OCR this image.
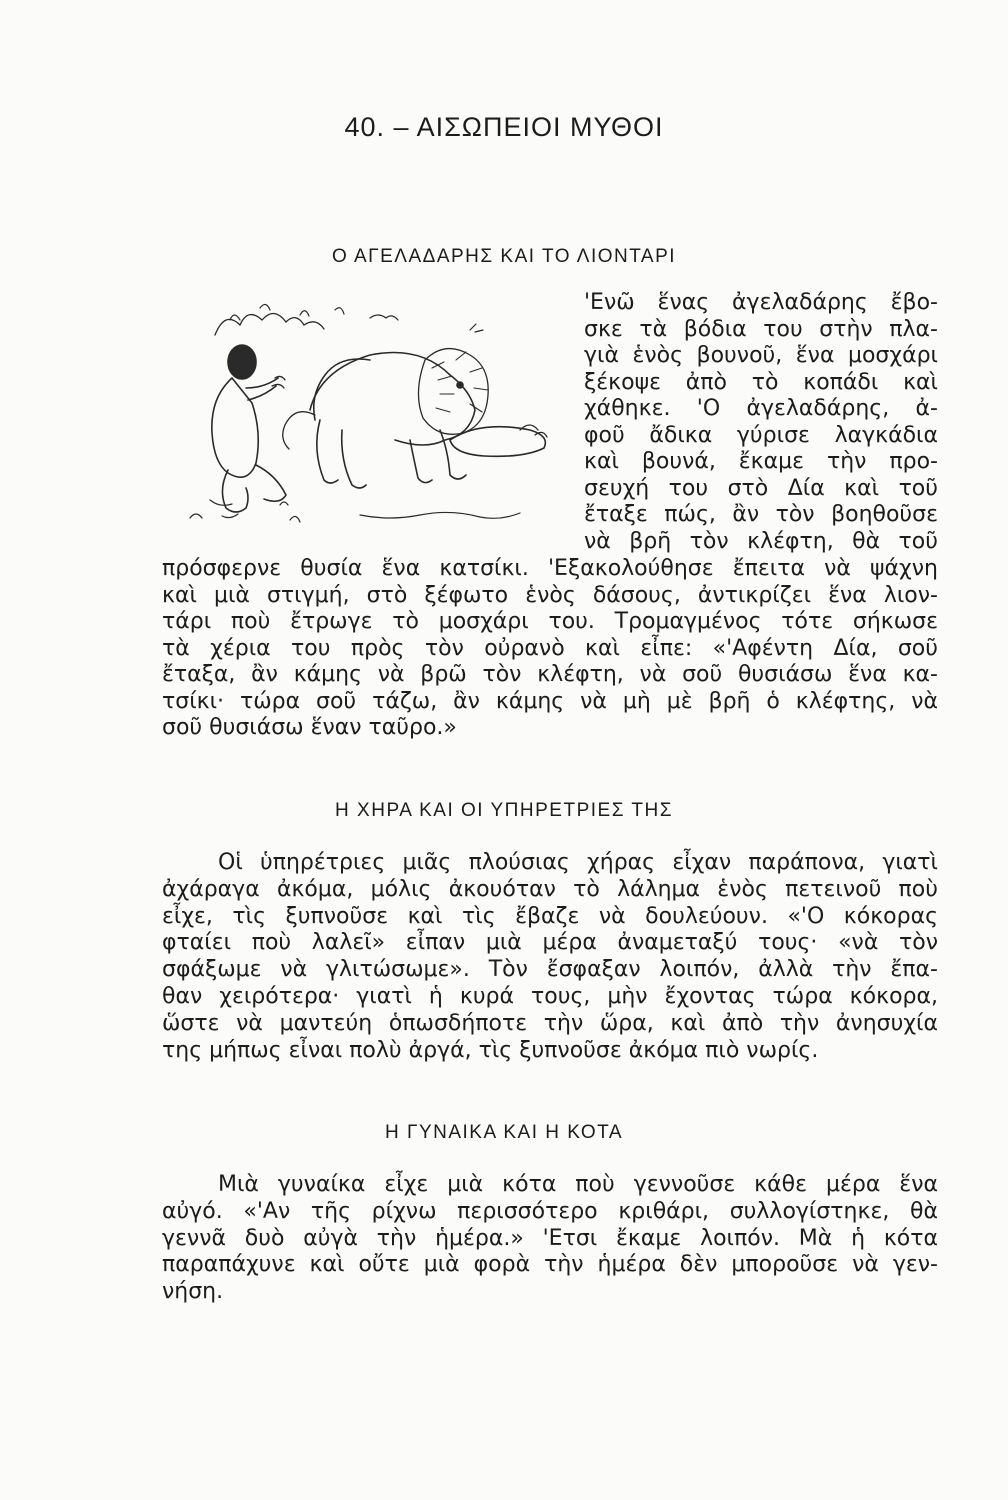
40. – ΑΙΣΩΠΕΙΟΙ ΜΥΘΟΙ
Ο ΑΓΕΛΑΔΑΡΗΣ ΚΑΙ ΤΟ ΛΙΟΝΤΑΡΙ
'Ενῶ ἕνας ἀγελαδάρης ἔβο-
σκε τὰ βόδια του στὴν πλα-
γιὰ ἑνὸς βουνοῦ, ἕνα μοσχάρι
ξέκοψε ἀπὸ τὸ κοπάδι καὶ
χάθηκε. 'Ο ἀγελαδάρης, ἀ-
φοῦ ἄδικα γύρισε λαγκάδια
καὶ βουνά, ἔκαμε τὴν προ-
σευχή του στὸ Δία καὶ τοῦ
ἔταξε πώς, ἂν τὸν βοηθοῦσε
νὰ βρῆ τὸν κλέφτη, θὰ τοῦ
πρόσφερνε θυσία ἕνα κατσίκι. 'Εξακολούθησε ἔπειτα νὰ ψάχνη
καὶ μιὰ στιγμή, στὸ ξέφωτο ἑνὸς δάσους, ἀντικρίζει ἕνα λιον-
τάρι ποὺ ἔτρωγε τὸ μοσχάρι του. Τρομαγμένος τότε σήκωσε
τὰ χέρια του πρὸς τὸν οὐρανὸ καὶ εἶπε: «'Αφέντη Δία, σοῦ
ἔταξα, ἂν κάμης νὰ βρῶ τὸν κλέφτη, νὰ σοῦ θυσιάσω ἕνα κα-
τσίκι· τώρα σοῦ τάζω, ἂν κάμης νὰ μὴ μὲ βρῆ ὁ κλέφτης, νὰ
σοῦ θυσιάσω ἕναν ταῦρο.»
Η ΧΗΡΑ ΚΑΙ ΟΙ ΥΠΗΡΕΤΡΙΕΣ ΤΗΣ
Οἱ ὑπηρέτριες μιᾶς πλούσιας χήρας εἶχαν παράπονα, γιατὶ
ἀχάραγα ἀκόμα, μόλις ἀκουόταν τὸ λάλημα ἑνὸς πετεινοῦ ποὺ
εἶχε, τὶς ξυπνοῦσε καὶ τὶς ἔβαζε νὰ δουλεύουν. «'Ο κόκορας
φταίει ποὺ λαλεῖ» εἶπαν μιὰ μέρα ἀναμεταξύ τους· «νὰ τὸν
σφάξωμε νὰ γλιτώσωμε». Τὸν ἔσφαξαν λοιπόν, ἀλλὰ τὴν ἔπα-
θαν χειρότερα· γιατὶ ἡ κυρά τους, μὴν ἔχοντας τώρα κόκορα,
ὥστε νὰ μαντεύη ὁπωσδήποτε τὴν ὥρα, καὶ ἀπὸ τὴν ἀνησυχία
της μήπως εἶναι πολὺ ἀργά, τὶς ξυπνοῦσε ἀκόμα πιὸ νωρίς.
Η ΓΥΝΑΙΚΑ ΚΑΙ Η ΚΟΤΑ
Μιὰ γυναίκα εἶχε μιὰ κότα ποὺ γεννοῦσε κάθε μέρα ἕνα
αὐγό. «'Αν τῆς ρίχνω περισσότερο κριθάρι, συλλογίστηκε, θὰ
γεννᾶ δυὸ αὐγὰ τὴν ἡμέρα.» 'Ετσι ἔκαμε λοιπόν. Μὰ ἡ κότα
παραπάχυνε καὶ οὔτε μιὰ φορὰ τὴν ἡμέρα δὲν μποροῦσε νὰ γεν-
νήση.
